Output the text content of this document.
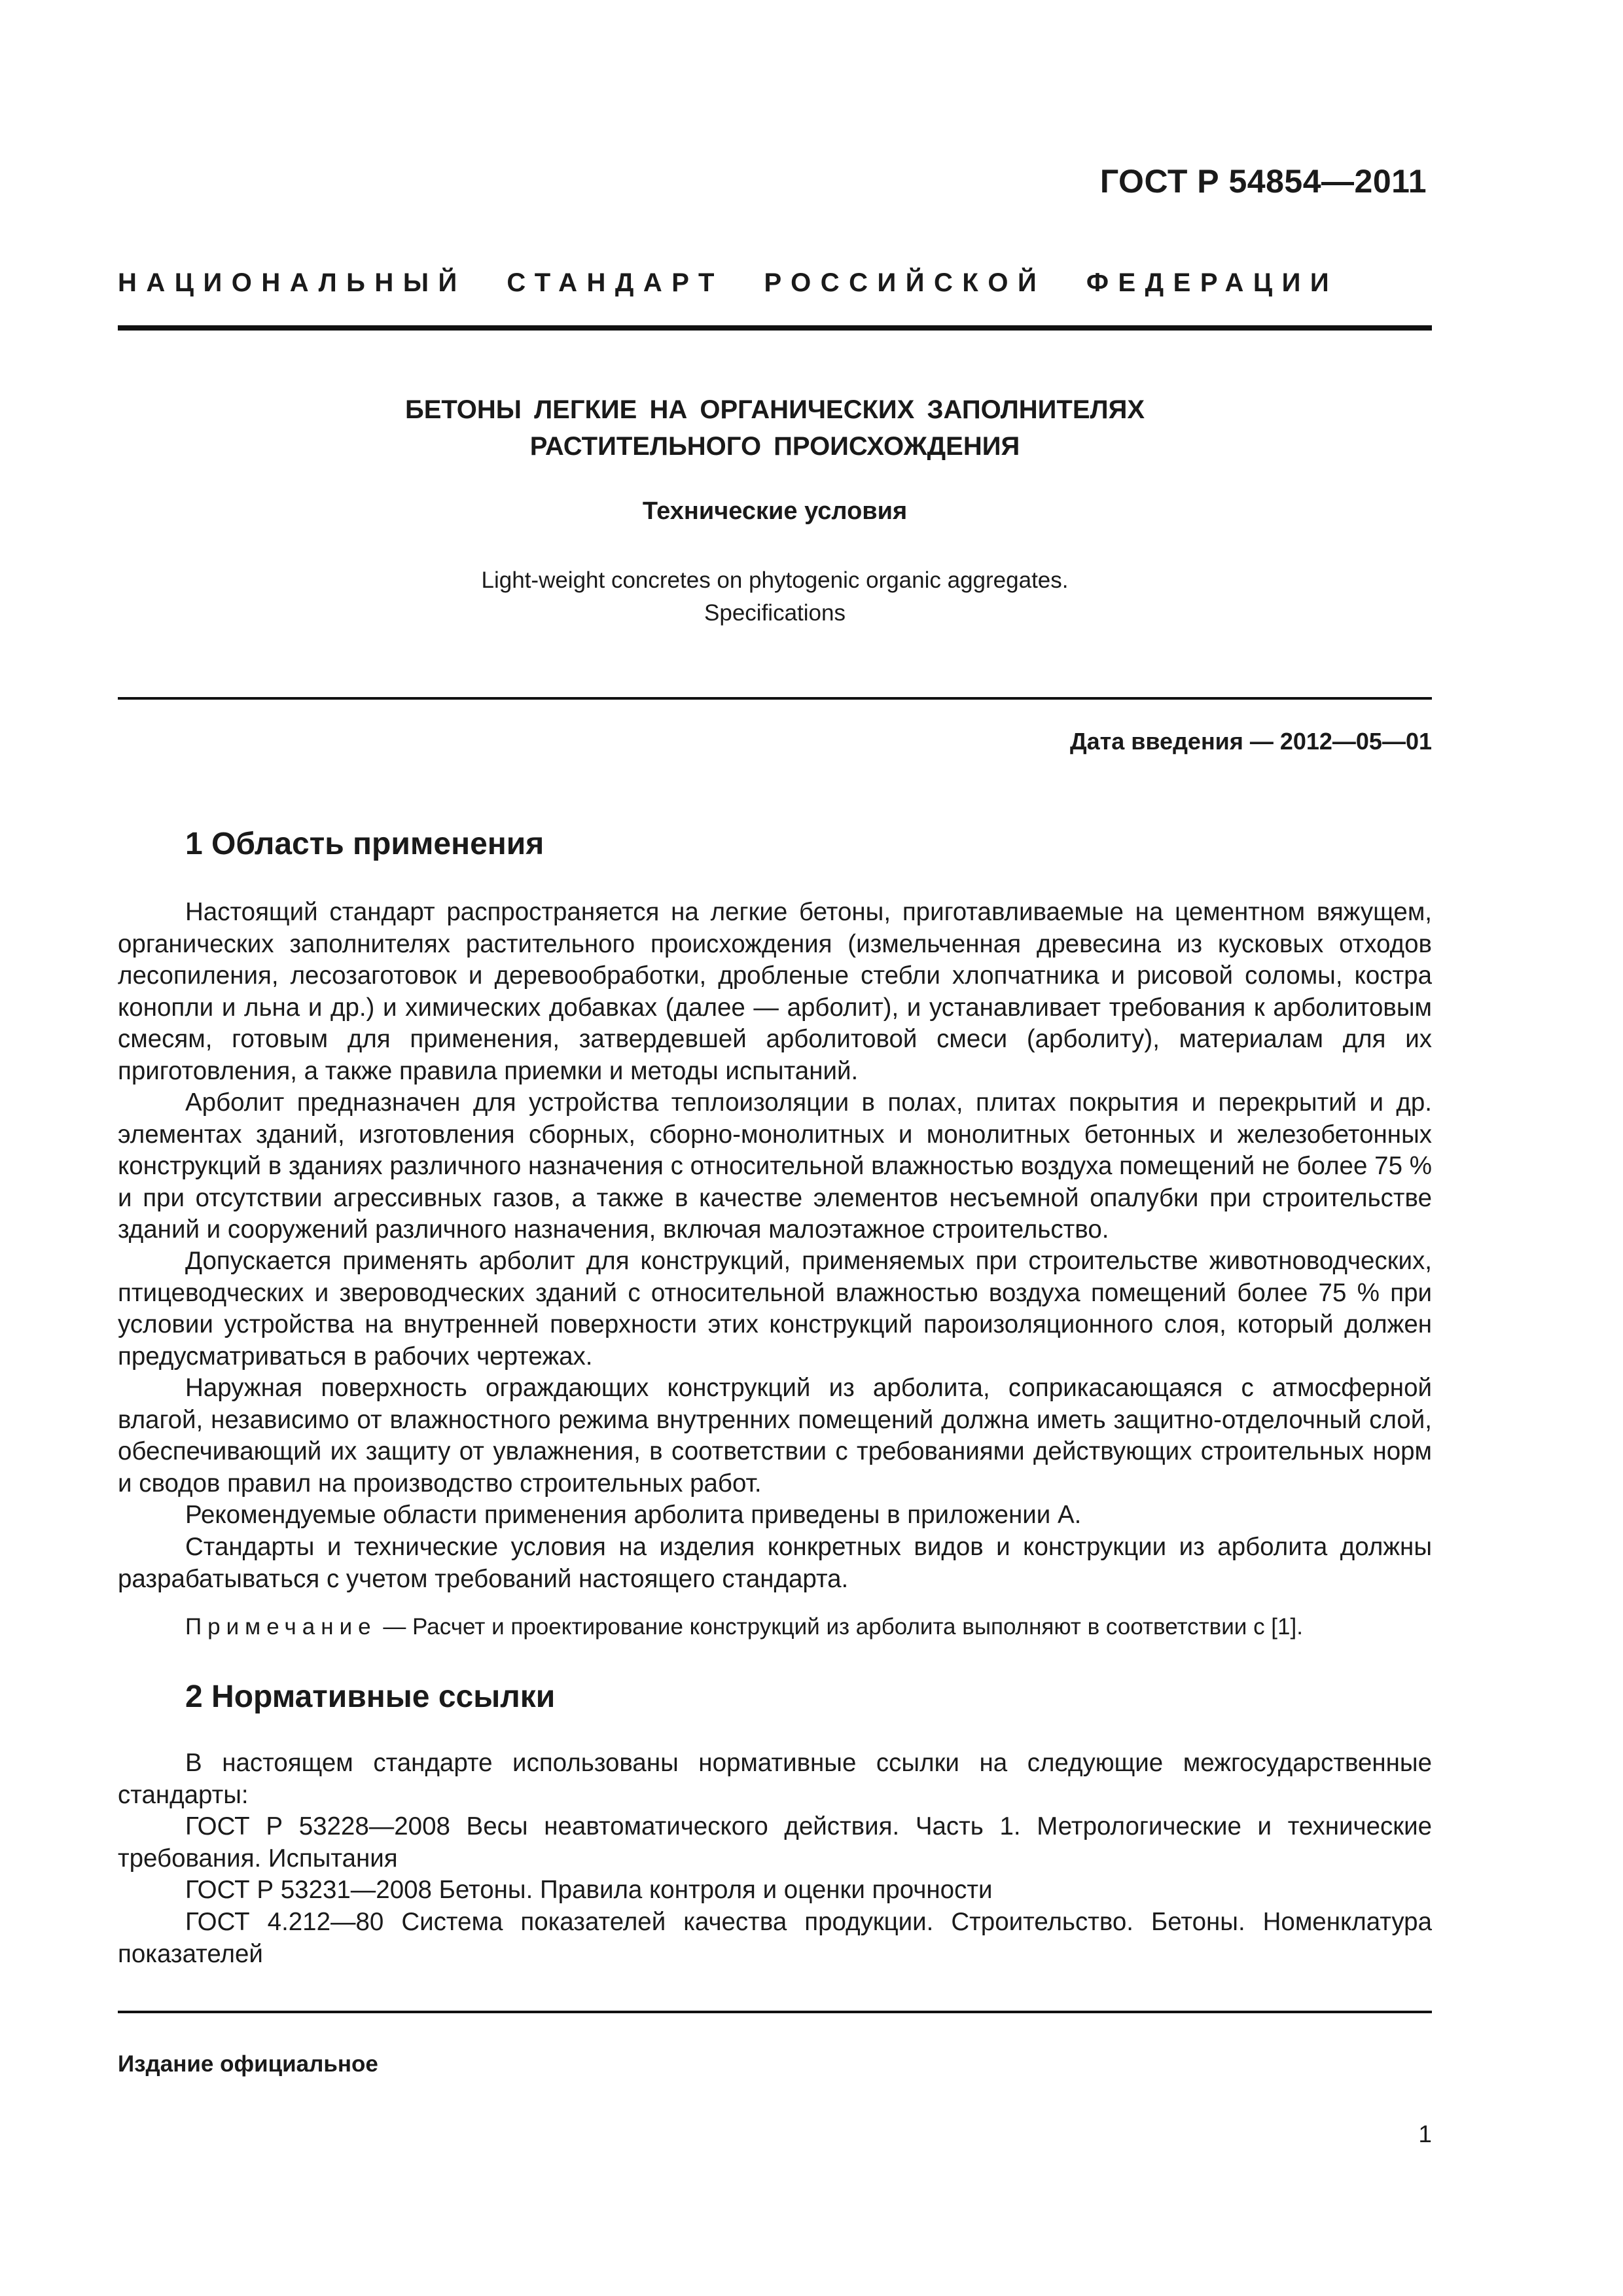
ГОСТ Р 54854—2011
НАЦИОНАЛЬНЫЙ СТАНДАРТ РОССИЙСКОЙ ФЕДЕРАЦИИ
БЕТОНЫ ЛЕГКИЕ НА ОРГАНИЧЕСКИХ ЗАПОЛНИТЕЛЯХ
РАСТИТЕЛЬНОГО ПРОИСХОЖДЕНИЯ
Технические условия
Light-weight concretes on phytogenic organic aggregates.
Specifications
Дата введения — 2012—05—01
1 Область применения

Настоящий стандарт распространяется на легкие бетоны, приготавливаемые на цементном вяжущем, органических заполнителях растительного происхождения (измельченная древесина из кусковых отходов лесопиления, лесозаготовок и деревообработки, дробленые стебли хлопчатника и рисовой соломы, костра конопли и льна и др.) и химических добавках (далее — арболит), и устанавливает требования к арболитовым смесям, готовым для применения, затвердевшей арболитовой смеси (арболиту), материалам для их приготовления, а также правила приемки и методы испытаний.

Арболит предназначен для устройства теплоизоляции в полах, плитах покрытия и перекрытий и др. элементах зданий, изготовления сборных, сборно-монолитных и монолитных бетонных и железобетонных конструкций в зданиях различного назначения с относительной влажностью воздуха помещений не более 75 % и при отсутствии агрессивных газов, а также в качестве элементов несъемной опалубки при строительстве зданий и сооружений различного назначения, включая малоэтажное строительство.

Допускается применять арболит для конструкций, применяемых при строительстве животноводческих, птицеводческих и звероводческих зданий с относительной влажностью воздуха помещений более 75 % при условии устройства на внутренней поверхности этих конструкций пароизоляционного слоя, который должен предусматриваться в рабочих чертежах.

Наружная поверхность ограждающих конструкций из арболита, соприкасающаяся с атмосферной влагой, независимо от влажностного режима внутренних помещений должна иметь защитно-отделочный слой, обеспечивающий их защиту от увлажнения, в соответствии с требованиями действующих строительных норм и сводов правил на производство строительных работ.

Рекомендуемые области применения арболита приведены в приложении А.

Стандарты и технические условия на изделия конкретных видов и конструкции из арболита должны разрабатываться с учетом требований настоящего стандарта.

Примечание — Расчет и проектирование конструкций из арболита выполняют в соответствии с [1].
2 Нормативные ссылки

В настоящем стандарте использованы нормативные ссылки на следующие межгосударственные стандарты:

ГОСТ Р 53228—2008 Весы неавтоматического действия. Часть 1. Метрологические и технические требования. Испытания

ГОСТ Р 53231—2008 Бетоны. Правила контроля и оценки прочности

ГОСТ 4.212—80 Система показателей качества продукции. Строительство. Бетоны. Номенклатура показателей

Издание официальное
1
